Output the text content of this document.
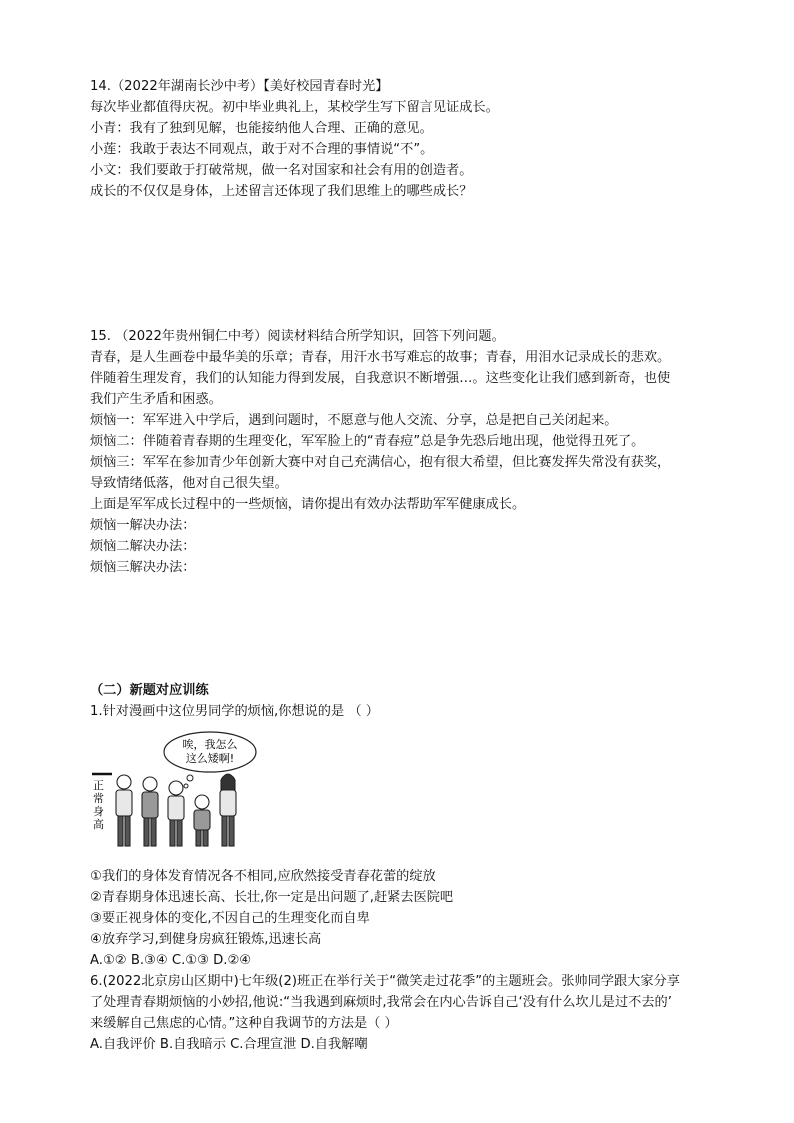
14.（2022年湖南长沙中考）【美好校园青春时光】
每次毕业都值得庆祝。初中毕业典礼上，某校学生写下留言见证成长。
小青：我有了独到见解，也能接纳他人合理、正确的意见。
小莲：我敢于表达不同观点，敢于对不合理的事情说“不”。
小文：我们要敢于打破常规，做一名对国家和社会有用的创造者。
成长的不仅仅是身体，上述留言还体现了我们思维上的哪些成长？
15. （2022年贵州铜仁中考）阅读材料结合所学知识，回答下列问题。
青春，是人生画卷中最华美的乐章；青春，用汗水书写难忘的故事；青春，用泪水记录成长的悲欢。
伴随着生理发育，我们的认知能力得到发展，自我意识不断增强…。这些变化让我们感到新奇，也使
我们产生矛盾和困惑。
烦恼一：军军进入中学后，遇到问题时，不愿意与他人交流、分享，总是把自己关闭起来。
烦恼二：伴随着青春期的生理变化，军军脸上的“青春痘”总是争先恐后地出现，他觉得丑死了。
烦恼三：军军在参加青少年创新大赛中对自己充满信心，抱有很大希望，但比赛发挥失常没有获奖，
导致情绪低落，他对自己很失望。
上面是军军成长过程中的一些烦恼，请你提出有效办法帮助军军健康成长。
烦恼一解决办法：
烦恼二解决办法：
烦恼三解决办法：
（二）新题对应训练
1.针对漫画中这位男同学的烦恼,你想说的是 （ ）
唉，我怎么
这么矮啊!
正
常
身
高
①我们的身体发育情况各不相同,应欣然接受青春花蕾的绽放
②青春期身体迅速长高、长壮,你一定是出问题了,赶紧去医院吧
③要正视身体的变化,不因自己的生理变化而自卑
④放弃学习,到健身房疯狂锻炼,迅速长高
A.①② B.③④ C.①③ D.②④
6.(2022北京房山区期中)七年级(2)班正在举行关于“微笑走过花季”的主题班会。张帅同学跟大家分享
了处理青春期烦恼的小妙招,他说:“当我遇到麻烦时,我常会在内心告诉自己‘没有什么坎儿是过不去的’
来缓解自己焦虑的心情。”这种自我调节的方法是（ ）
A.自我评价 B.自我暗示 C.合理宣泄 D.自我解嘲
